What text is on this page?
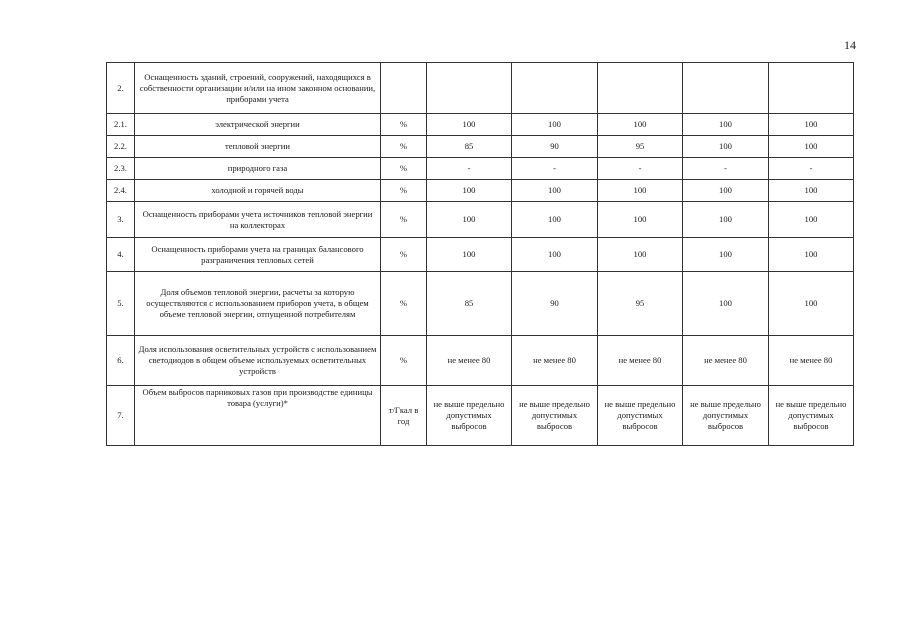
14
2.	Оснащенность зданий, строений, сооружений, находящихся в собственности организации и/или на ином законном основании, приборами учета						
2.1.	электрической энергии	%	100	100	100	100	100
2.2.	тепловой энергии	%	85	90	95	100	100
2.3.	природного газа	%	-	-	-	-	-
2.4.	холодной и горячей воды	%	100	100	100	100	100
3.	Оснащенность приборами учета источников тепловой энергии на коллекторах	%	100	100	100	100	100
4.	Оснащенность приборами учета на границах балансового разграничения тепловых сетей	%	100	100	100	100	100
5.	Доля объемов тепловой энергии, расчеты за которую осуществляются с использованием приборов учета, в общем объеме тепловой энергии, отпущенной потребителям	%	85	90	95	100	100
6.	Доля использования осветительных устройств с использованием светодиодов в общем объеме используемых осветительных устройств	%	не менее 80	не менее 80	не менее 80	не менее 80	не менее 80
7.	Объем выбросов парниковых газов при производстве единицы товара (услуги)*	т/Гкал в год	не выше предельно допустимых выбросов	не выше предельно допустимых выбросов	не выше предельно допустимых выбросов	не выше предельно допустимых выбросов	не выше предельно допустимых выбросов
